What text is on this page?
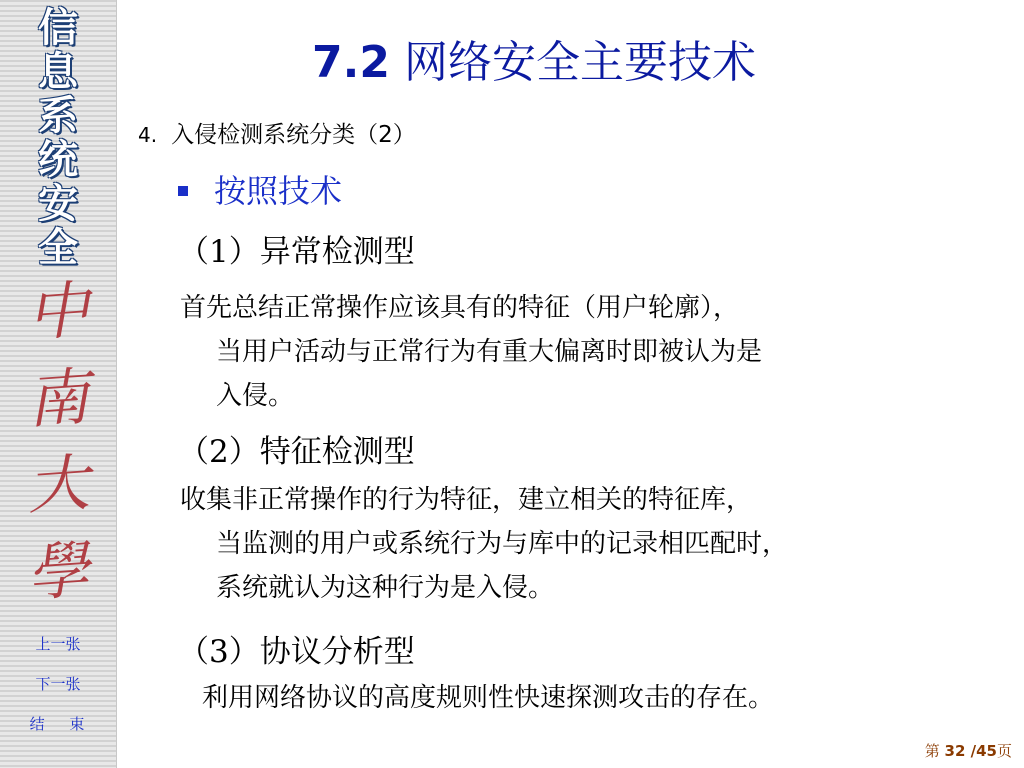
信
息
系
统
安
全
中
南
大
學
上一张
下一张
结 束
7.2 网络安全主要技术
4. 入侵检测系统分类（2）
按照技术
（1）异常检测型
首先总结正常操作应该具有的特征（用户轮廓），
当用户活动与正常行为有重大偏离时即被认为是
入侵。
（2）特征检测型
收集非正常操作的行为特征，建立相关的特征库，
当监测的用户或系统行为与库中的记录相匹配时，
系统就认为这种行为是入侵。
（3）协议分析型
利用网络协议的高度规则性快速探测攻击的存在。
第 32 /45页
